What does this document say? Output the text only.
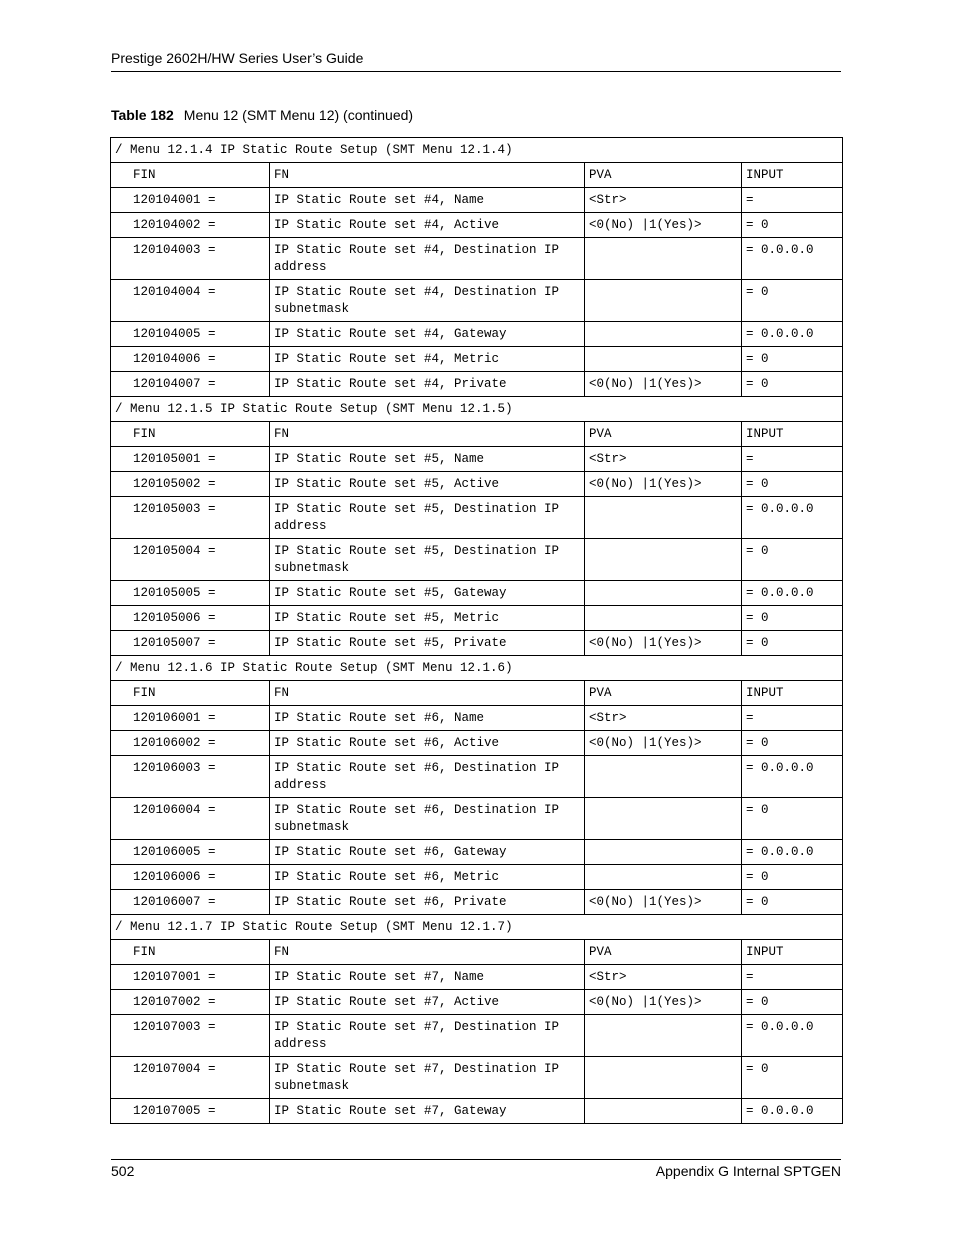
Prestige 2602H/HW Series User’s Guide
Table 182 Menu 12 (SMT Menu 12) (continued)
/ Menu 12.1.4 IP Static Route Setup (SMT Menu 12.1.4)			
FIN	FN	PVA	INPUT
120104001 =	IP Static Route set #4, Name	<Str>	=
120104002 =	IP Static Route set #4, Active	<0(No) |1(Yes)>	= 0
120104003 =	IP Static Route set #4, Destination IP address		= 0.0.0.0
120104004 =	IP Static Route set #4, Destination IP subnetmask		= 0
120104005 =	IP Static Route set #4, Gateway		= 0.0.0.0
120104006 =	IP Static Route set #4, Metric		= 0
120104007 =	IP Static Route set #4, Private	<0(No) |1(Yes)>	= 0
/ Menu 12.1.5 IP Static Route Setup (SMT Menu 12.1.5)			
FIN	FN	PVA	INPUT
120105001 =	IP Static Route set #5, Name	<Str>	=
120105002 =	IP Static Route set #5, Active	<0(No) |1(Yes)>	= 0
120105003 =	IP Static Route set #5, Destination IP address		= 0.0.0.0
120105004 =	IP Static Route set #5, Destination IP subnetmask		= 0
120105005 =	IP Static Route set #5, Gateway		= 0.0.0.0
120105006 =	IP Static Route set #5, Metric		= 0
120105007 =	IP Static Route set #5, Private	<0(No) |1(Yes)>	= 0
/ Menu 12.1.6 IP Static Route Setup (SMT Menu 12.1.6)			
FIN	FN	PVA	INPUT
120106001 =	IP Static Route set #6, Name	<Str>	=
120106002 =	IP Static Route set #6, Active	<0(No) |1(Yes)>	= 0
120106003 =	IP Static Route set #6, Destination IP address		= 0.0.0.0
120106004 =	IP Static Route set #6, Destination IP subnetmask		= 0
120106005 =	IP Static Route set #6, Gateway		= 0.0.0.0
120106006 =	IP Static Route set #6, Metric		= 0
120106007 =	IP Static Route set #6, Private	<0(No) |1(Yes)>	= 0
/ Menu 12.1.7 IP Static Route Setup (SMT Menu 12.1.7)			
FIN	FN	PVA	INPUT
120107001 =	IP Static Route set #7, Name	<Str>	=
120107002 =	IP Static Route set #7, Active	<0(No) |1(Yes)>	= 0
120107003 =	IP Static Route set #7, Destination IP address		= 0.0.0.0
120107004 =	IP Static Route set #7, Destination IP subnetmask		= 0
120107005 =	IP Static Route set #7, Gateway		= 0.0.0.0
502	Appendix G Internal SPTGEN
